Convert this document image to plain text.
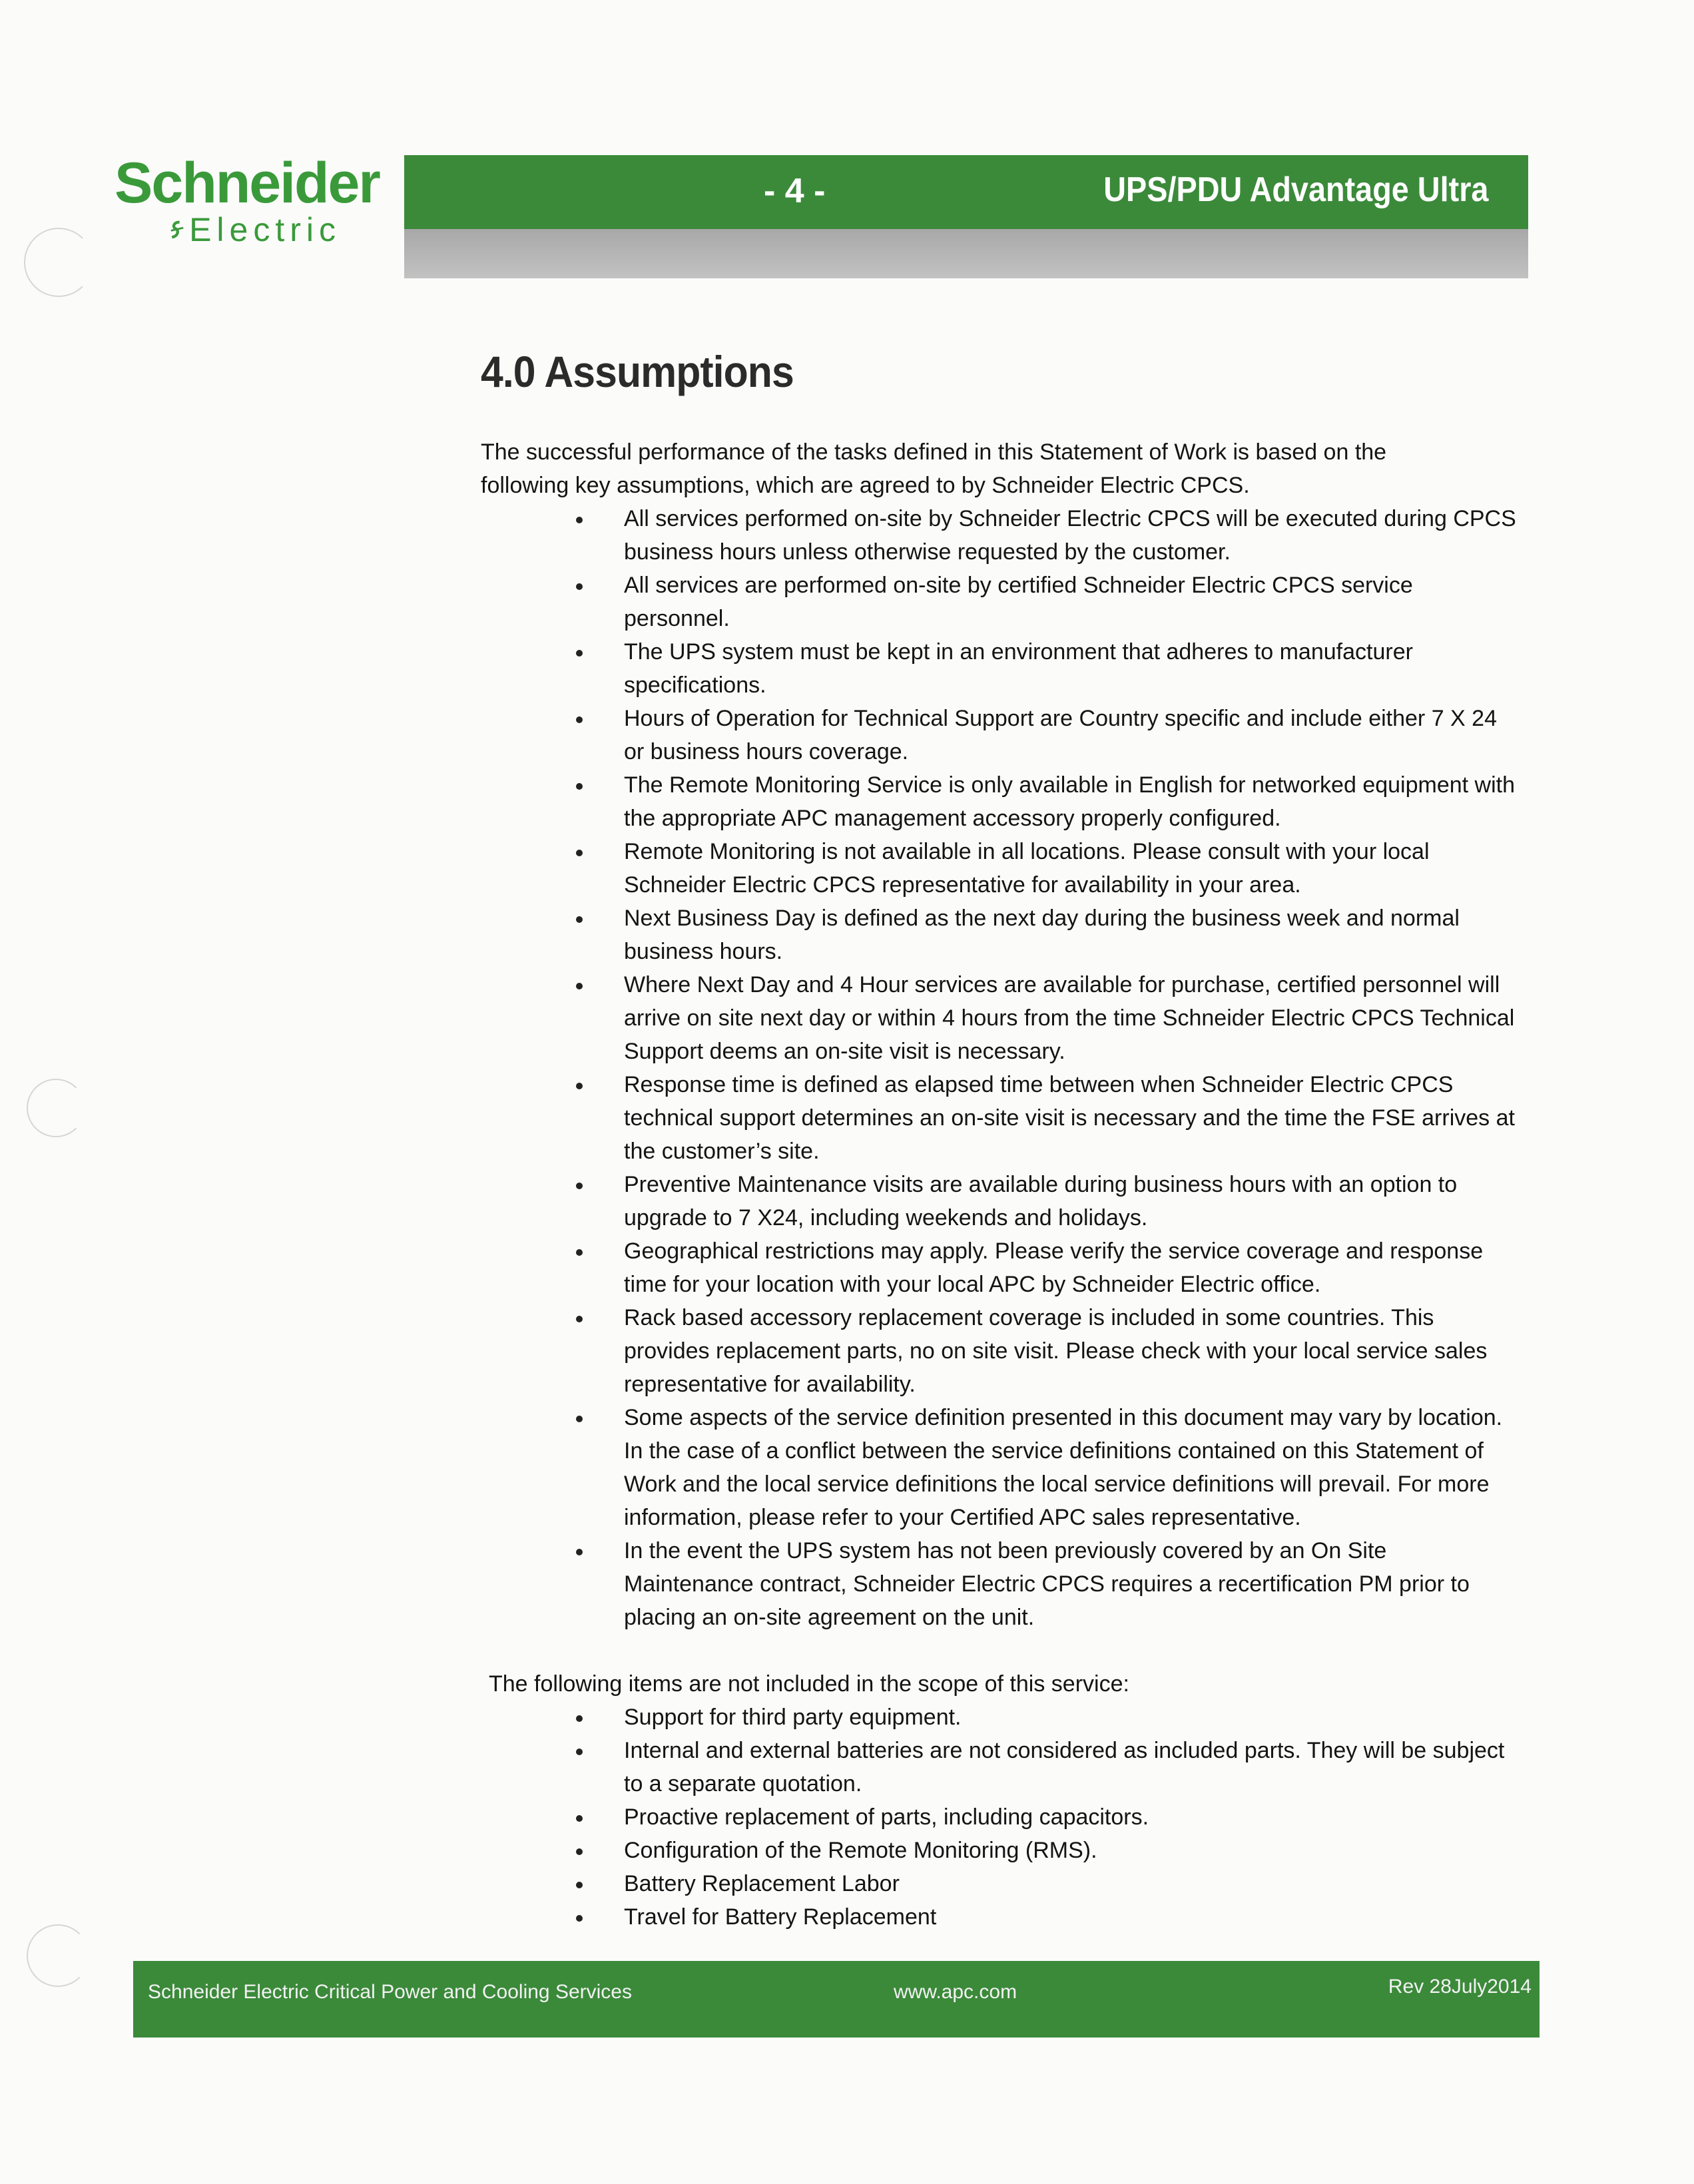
Schneider
Electric
- 4 -	UPS/PDU Advantage Ultra
4.0 Assumptions

The successful performance of the tasks defined in this Statement of Work is based on the following key assumptions, which are agreed to by Schneider Electric CPCS.

All services performed on-site by Schneider Electric CPCS will be executed during CPCS business hours unless otherwise requested by the customer.
All services are performed on-site by certified Schneider Electric CPCS service personnel.
The UPS system must be kept in an environment that adheres to manufacturer specifications.
Hours of Operation for Technical Support are Country specific and include either 7 X 24 or business hours coverage.
The Remote Monitoring Service is only available in English for networked equipment with the appropriate APC management accessory properly configured.
Remote Monitoring is not available in all locations. Please consult with your local Schneider Electric CPCS representative for availability in your area.
Next Business Day is defined as the next day during the business week and normal business hours.
Where Next Day and 4 Hour services are available for purchase, certified personnel will arrive on site next day or within 4 hours from the time Schneider Electric CPCS Technical Support deems an on-site visit is necessary.
Response time is defined as elapsed time between when Schneider Electric CPCS technical support determines an on-site visit is necessary and the time the FSE arrives at the customer’s site.
Preventive Maintenance visits are available during business hours with an option to upgrade to 7 X24, including weekends and holidays.
Geographical restrictions may apply. Please verify the service coverage and response time for your location with your local APC by Schneider Electric office.
Rack based accessory replacement coverage is included in some countries. This provides replacement parts, no on site visit. Please check with your local service sales representative for availability.
Some aspects of the service definition presented in this document may vary by location. In the case of a conflict between the service definitions contained on this Statement of Work and the local service definitions the local service definitions will prevail. For more information, please refer to your Certified APC sales representative.
In the event the UPS system has not been previously covered by an On Site Maintenance contract, Schneider Electric CPCS requires a recertification PM prior to placing an on-site agreement on the unit.

The following items are not included in the scope of this service:

Support for third party equipment.
Internal and external batteries are not considered as included parts. They will be subject to a separate quotation.
Proactive replacement of parts, including capacitors.
Configuration of the Remote Monitoring (RMS).
Battery Replacement Labor
Travel for Battery Replacement
Schneider Electric Critical Power and Cooling Services	www.apc.com	Rev 28July2014
